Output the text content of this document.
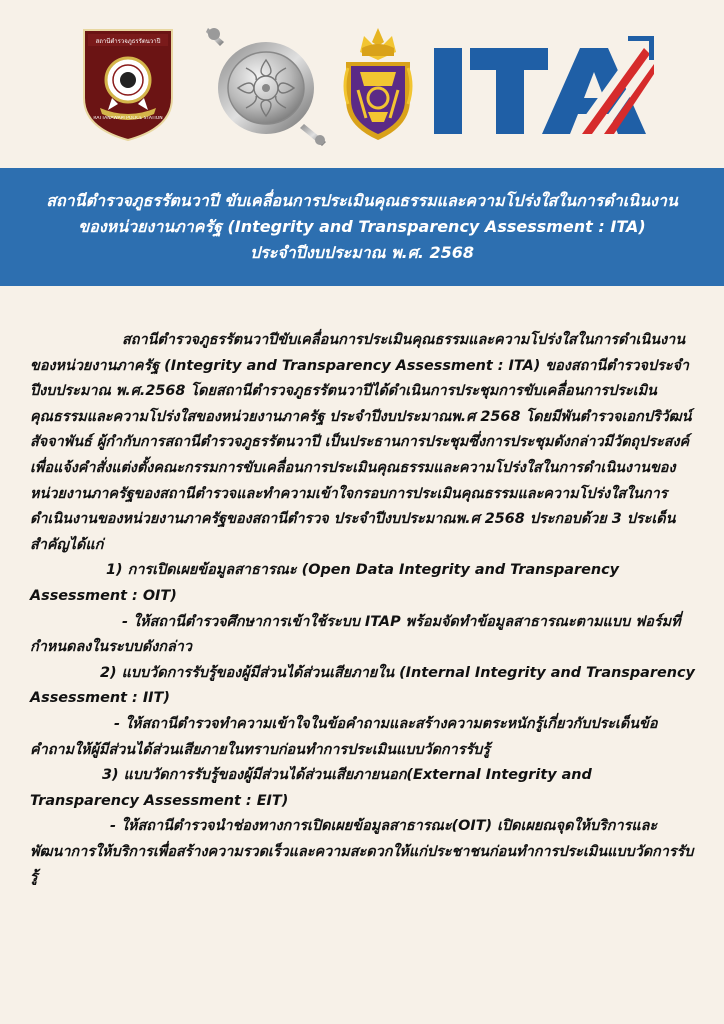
สถานีตำรวจภูธรรัตนวาปี
RATTANAWAPI POLICE STATION
ITA
สถานีตำรวจภูธรรัตนวาปี ขับเคลื่อนการประเมินคุณธรรมและความโปร่งใสในการดำเนินงาน
ของหน่วยงานภาครัฐ (Integrity and Transparency Assessment : ITA)
ประจำปีงบประมาณ พ.ศ. 2568

สถานีตำรวจภูธรรัตนวาปีขับเคลื่อนการประเมินคุณธรรมและความโปร่งใสในการดำเนินงานของหน่วยงานภาครัฐ (Integrity and Transparency Assessment : ITA) ของสถานีตำรวจประจำปีงบประมาณ พ.ศ.2568 โดยสถานีตำรวจภูธรรัตนวาปีได้ดำเนินการประชุมการขับเคลื่อนการประเมินคุณธรรมและความโปร่งใสของหน่วยงานภาครัฐ ประจำปีงบประมาณพ.ศ 2568 โดยมีพันตำรวจเอกปริวัฒน์ สัจจาพันธ์ ผู้กำกับการสถานีตำรวจภูธรรัตนวาปี เป็นประธานการประชุมซึ่งการประชุมดังกล่าวมีวัตถุประสงค์เพื่อแจ้งคำสั่งแต่งตั้งคณะกรรมการขับเคลื่อนการประเมินคุณธรรมและความโปร่งใสในการดำเนินงานของหน่วยงานภาครัฐของสถานีตำรวจและทำความเข้าใจกรอบการประเมินคุณธรรมและความโปร่งใสในการดำเนินงานของหน่วยงานภาครัฐของสถานีตำรวจ ประจำปีงบประมาณพ.ศ 2568 ประกอบด้วย 3 ประเด็นสำคัญได้แก่

1) การเปิดเผยข้อมูลสาธารณะ (Open Data Integrity and Transparency Assessment : OIT)

- ให้สถานีตำรวจศึกษาการเข้าใช้ระบบ ITAP พร้อมจัดทำข้อมูลสาธารณะตามแบบ ฟอร์มที่กำหนดลงในระบบดังกล่าว

2) แบบวัดการรับรู้ของผู้มีส่วนได้ส่วนเสียภายใน (Internal Integrity and Transparency Assessment : IIT)

- ให้สถานีตำรวจทำความเข้าใจในข้อคำถามและสร้างความตระหนักรู้เกี่ยวกับประเด็นข้อคำถามให้ผู้มีส่วนได้ส่วนเสียภายในทราบก่อนทำการประเมินแบบวัดการรับรู้

3) แบบวัดการรับรู้ของผู้มีส่วนได้ส่วนเสียภายนอก(External Integrity and Transparency Assessment : EIT)

- ให้สถานีตำรวจนำช่องทางการเปิดเผยข้อมูลสาธารณะ(OIT) เปิดเผยณจุดให้บริการและพัฒนาการให้บริการเพื่อสร้างความรวดเร็วและความสะดวกให้แก่ประชาชนก่อนทำการประเมินแบบวัดการรับรู้
